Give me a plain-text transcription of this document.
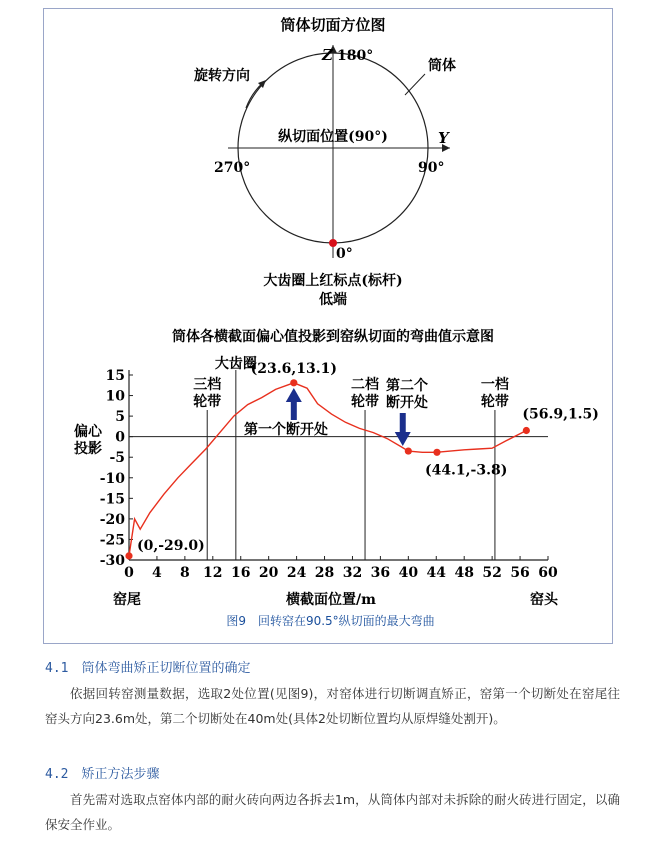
筒体切面方位图
Z 180°
Y
90°
270°
0°
纵切面位置(90°)
旋转方向
筒体
大齿圈上红标点(标杆)
低端
筒体各横截面偏心值投影到窑纵切面的弯曲值示意图
0 4 8 12 16 20 24 28 32 36 40 44 48 52 56 60
15
10
5
0
-5
-10
-15
-20
-25
-30
三档
轮带
大齿圈
二档
轮带
一档
轮带
(0,-29.0)
(23.6,13.1)
(44.1,-3.8)
(56.9,1.5)
偏心
投影
窑尾	横截面位置/m	窑头
第一个断开处
第二个
断开处
图9　回转窑在90.5°纵切面的最大弯曲
4.1　筒体弯曲矫正切断位置的确定
依据回转窑测量数据，选取2处位置(见图9)，对窑体进行切断调直矫正，窑第一个切断处在窑尾往窑头方向23.6m处，第二个切断处在40m处(具体2处切断位置均从原焊缝处割开)。
4.2　矫正方法步骤
首先需对选取点窑体内部的耐火砖向两边各拆去1m，从筒体内部对未拆除的耐火砖进行固定，以确保安全作业。
